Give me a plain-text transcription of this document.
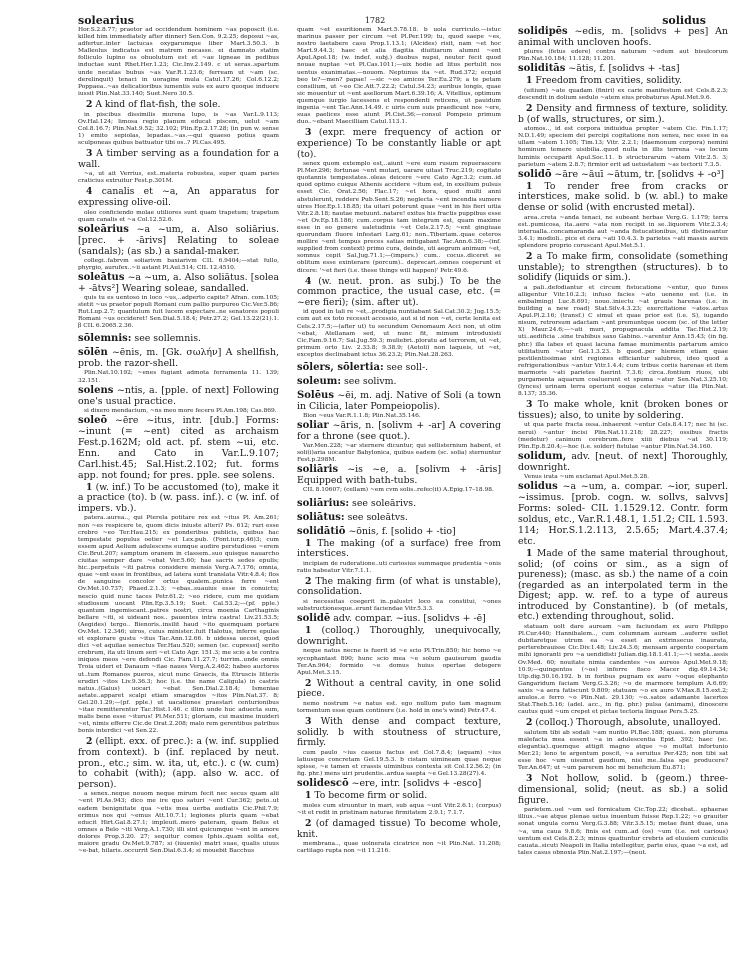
solearius	1782	solidus

Hor.S.2.8.77; praetor ad occidendum hominem ~as poposcit (i.e. killed him immediately after dinner) Sen.Con. 9.2.25; deposui ~as, adfertur..inter lactucas oxygarumque liber Mart.3.50.3. b Malleolus indicatus est matrem necasse. ei damnato statim folliculo lupino os obuolutum est et ~ae ligneae in pedibus inductae sunt Rhet.Her.1.23; Cic.Inv.2.149. c ut seras..spartum unde necatas bubus ~as Var.R.1.23.6; ferream ut ~am (sc. derelinquit) tenaci in uoragine mula Catul.17.26; Col.6.12.2; Poppaea..~as delicatioribus iumentis suis ex auro quoque induere iussit Plin.Nat.33.140; Suet.Nero 30.5.

2 A kind of flat-fish, the sole.

in piscibus dissimilis murena lupo, is ~as Var.L.9.113; Ov.Hal.124; limosa regio planum educat piscem, uelut ~am Col.8.16.7; Plin.Nat.9.52; 32.102; Plin.Ep.2.17.28; (in pun w. sense 1) emito sepiolas, lepadas..~as.—qui quaeso potius quam sculponeas quibus battuatur tibi os..? Pl.Cas.495.

3 A timber serving as a foundation for a wall.

~a, ut ait Verrius, est..materia robustea, super quam paries craticius extruitur Fest.p.301M.

4 canalis et ~a, An apparatus for expressing olive-oil.

oleo conficiendo molae utiliores sunt quam trapetum; trapetum quam canalis et ~a Col.12.52.6.

soleārius ~a ~um, a. Also soliārius. [prec. + -ārivs] Relating to soleae (sandals); (as sb.) a sandal-maker.

collegi..fabrvm soliarivm baxiarivm CIL 6.9404;—stat fullo, phyrgio, aurufex..~ii astant Pl.Aul.514; CIL 12.4510.

soleātus ~a ~um, a. Also soliātus. [solea + -ātvs²] Wearing soleae, sandalled.

quis tu es uentoso in loco ~us,..adperto capite? Afran. com.105; stetit ~us praetor populi Romani cum pallio purpureo Cic.Ver.5.86; Rut.Lup.2.7; quantulum fuit lucem expectare..ne senatores populi Romani ~us occideret! Sen.Dial.5.18.4; Petr.27.2; Gel.13.22(21).1. β CIL 6.2065.2.36.

sōlemnis: see sollemnis.

sōlēn ~ēnis, m. [Gk. σωλήν] A shellfish, prob. the razor-shell.

Plin.Nat.10.192; ~enes fugiant admota ferramenta 11. 139; 32.151.

solens ~ntis, a. [pple. of next] Following one's usual practice.

si dixero mendacium, ~ns meo more fecero Pl.Am.198; Cas.869.

soleō ~ēre ~itus, intr. [dub.] Forms: ~inunt (= ~ent) cited as archaism Fest.p.162M; old act. pf. stem ~ui, etc. Enn. and Cato in Var.L.9.107; Carl.hist.45; Sal.Hist.2.102; fut. forms app. not found; for pres. pple. see solens.

1 (w. inf.) To be accustomed (to), make it a practice (to). b (w. pass. inf.). c (w. inf. of impers. vb.).

patera..aurea.., qui Pterela potitare rex est ~itus Pl. Am.261; non ~es respicere te, quom dicis iniuste alteri? Ps. 612; ruri esse crebro ~eo Ter.Hau.215; ex ponderibus publicis, quibus hac tempestate populus oetier ~et Lex.pub. (Font.iur.p.46)3; cum essem apud Aelium adulescens eumque audire perstudiose ~erem Cic.Brut.207; samptum oranem in classem..suo quisque nauarcho ciuitas semper dare ~ebat Ver.5.60; hae sacris sedes epulis; hic..perpetuis ~iti patres considere mensis Verg.A.7.176; omnia, quae ~ent esse in frontibus, ad latera sunt translata Vitr.4.8.4; flos de sanguine concolor ortus qualem..punica ferre ~ent Ov.Met.10.737; Phaed.2.1.3; ~ebas..suauius esse in conuictu; nescio quid nunc taces Petr.61.2; ~eo ridere, cum me quidam studiosum uocant Plin.Ep.3.5.19; Suet. Cal.53.2;—(pf. pple.) quantum ingemiscant..patres nostri, circa moenia Carthaginis bellare ~iti, si uideant nos.. pauentes intra castra! Liv.21.53.5; (Aegides) tergo.. Bienoris..insilit haud ~ito quemquam portare Ov.Met. 12.346; uiros, cuius minister..fuit Halotus, inferre epulas et explorare gustu ~itus Tac.Ann.12.66. b uidessa uecost, quod dici ~et aquilae senectus Ter.Hau.520; semen (sc. cupressi] serito crebrum, ita uti linum seri ~et Cato Agr. 151.3; me scio a te contra iniquos meos ~ere defendi Cic. Fam.11.27.7; turrim..unde omnis Troia uideri et Danaum ~itae naues Verg.A.2.462; habeo auctores ut..tum Romanos pueros, sicut nunc Graecis, ita Etruscis litteris erudiri ~itos Liv.9.36.3; hoc (i.e. the name Caligula) in castris natus..(Gaius) uocari ~ebat Sen.Dial.2.18.4; Ismeniae aetate..apparet scalpi etiam smaragdos ~itos Plin.Nat.37. 8; Gel.20.1.29;—(pf. pple.) ut uacationes praestari centurionibus ~itae remitterentur Tac.Hist.1.46. c illim unde huc aduecta sum, malis bene esse ~iturus! Pl.Mer.511; gloriam, cui maxime inuideri ~et, nimis efferre Cic.de Orat.2.208; malo rem gerentibus patribus bonis interdici ~et Sen.22.

2 (ellipt. exx. of prec.): a (w. inf. supplied from context). b (inf. replaced by neut. pron., etc.; sim. w. ita, ut, etc.). c (w. cum) to cohabit (with); (app. also w. acc. of person).

a senex..neque nouom neque mirum fecit nec secus quam alii ~ent Pl.As.943; dico me ire quo saturi ~ent Cur.362; peto..ut eadem benignitate qua ~etis mea uerba audiatis Cic.Phil.7.9; erimus nos qui ~emus Att.10.7.1; legiones pluris quam ~ebat educit Hirt.Gal.8.27.1; impleuit..mero pateram, quam Belus et omnes a Belo ~iti Verg.A.1.730; illi sint quicumque ~ent in amore dolores Prop.3.20. 27; sequitur comes Iphis..quam solita est, maiore gradu Ov.Met.9.787; si (iuuenis) matri suae, qualis uiuus ~e-bat, hilaris..occurrit Sen.Dial.6.3.4; si mouebit Bacchus

quam ~et esuritionem Mart.5.78.18. b uola curriculo.—istuc marinus passer per circum ~et Pl.Per.199; tu, quod saepe ~es, nostro laetabere casu Prop.1.13.1; (Alcides) risit, nam ~et hoc Mart.9.44.3; haec et alia flagitia diuitiarum alumni ~ent Apul.Apol.18; (w. indef. subj.) duobus nupsi, neuter fecit quod nouae nuptae ~et Pl.Cas.1011;—uix hodie ad litus pertulit nos uentus exanimatas.—nouom. Neptunus ita ~et. Rud.372; ecquid beo te?—men? papae! —sic ~eo amicos Ter.Eu.279; a te petam consilium, ut ~eo Cic.Att.7.22.2; Catul.34.23; auribus longis, quae sic mouentur ut ~ent asellorum Mart.6.39.16; A. Vitellius, optimum quemque iurgio lacessens et respondenti reticens, ut pauidum ingenia ~ent Tac.Ann.14.49. c uiris cum suis praedicunt nos ~ere, suas paelices esse aiunt Pl.Cist.36;—consul Pompeio primum duo..~ebant Maecilliam Catul.113.1.

3 (expr. mere frequency of action or experience) To be constantly liable or apt (to).

senex quom extemplo est,..aiunt ~ere eum rusum repuerascere Pl.Mer.296; fortunae ~ent mutari, uarare uitast Truc.219; cogitato quotannis tempestates..oleas deicere ~ere Cato Agr.3.2; cum..id quod optimo cuique Athenis accidere ~itum est, in exsilium pulsus esset Cic. Orat.2.56; Flac.17; ~et hora, quod multi anni abstulerunt, reddere Pub.Sent.S.26; neglecta ~ent incendia sumere uires Hor.Ep.1.18.85; ita uitari poterunt quae ~ent in his fieri uitia Vitr.2.8.18; nautae metuunt..natare! exitus his fractis puppibus esse ~et Ov.Ep.18.186; cum..corpus tam integrum est, quam maxime esse in eo genere ualetudinis ~et Cels.2.17.5; ~ent gingiuae quorundam fluore infestari Larg.61; non..Tiberiam..quae ceteros mollire ~ent tempus preces satias mitigabant Tac.Ann.6.38;—(inf. supplied from context) primo cura, deinde, uti aegrum animum ~et, somnus cepit Sal.Jug.71.1;—(impers.) cum.. cocus..diceret se oblitum esse exinterare (porcum).. deprecari..omnes coeperunt et dicere: '~et fieri (i.e. these things will happen)' Petr.49.6.

4 (w. neut. pron. as subj.) To be the common practice, the usual case, etc. (= ~ere fieri); (sim. after ut).

id quod in tali re ~et,..prodigia nuntiabant Sal.Cat.30.2; Jug.15.5; cum aut ex toto recessit accessio, aut si id non ~et, certe lenita est Cels.2.17.5;—(after ut) tu secundum Oenomaum Acci non, ut olim ~ebat, Atellanam sed, ut nunc fit, mimum introduxisti Cic.Fam.9.16.7; Sal.Jug.59.3; muliebri..ploratu ad terrorem, ut ~et, primum orto Liv. 2.33.8; 9.38.9; (Aetoli) non laqueis, ut ~et, exceptos declinabant ictus 36.23.2; Plin.Nat.28.263.

sōlers, sōlertia: see soll-.

soleum: see solivm.

Solēus ~ēi, m. adj. Native of Soli (a town in Cilicia, later Pompeiopolis).

Bion ~eus Var.R.1.1.8; Plin.Nat.35.146.

soliar ~āris, n. [solivm + -ar] A covering for a throne (see quot.).

Var.Men.228; ~ar sternere dicuntur, qui sellisternium habent, et soli(i)aria uocantur Babylonica, quibus eadem (sc. solia) sternuntur Fest.p.298M.

soliāris ~is ~e, a. [solivm + -āris] Equipped with bath-tubs.

CIL 8.10607; (cellam) ~em cvm solis..refec(it) A.Epig.17–18.98.

soliārius: see soleārivs.

soliātus: see soleātvs.

solidātiō ~ōnis, f. [solido + -tio]

1 The making (of a surface) free from interstices.

incipiam de ruderatione..uti curiosius summaque prudentia ~onis ratio habeatur Vitr.7.1.1.

2 The making firm (of what is unstable), consolidation.

si necessitas coegerit in..palustri loco ea constitui, ~ones substructionesque..erunt faciendae Vitr.5.3.3.

solidē adv. compar. ~ius. [solidvs + -ē]

1 (colloq.) Thoroughly, unequivocally, downright.

neque natus necne is fuerit id ~e scio Pl.Trin.850; hic homo ~e sycophantast 890; hunc scio mea ~e solum gauisurum gaudia Ter.An.964; formido ~e domus huius opertae detegere Apul.Met.3.15.

2 Without a central cavity, in one solid piece.

nemo nostrum ~e natus est. ego nullum puto tam magnum tormentum esse quam continere (i.e. hold in one's wind) Petr.47.4.

3 With dense and compact texture, solidly. b with stoutness of structure, firmly.

cum paulo ~ius caseus factus est Col.7.8.4; (aquam) ~ius latiusque concretam Gel.19.5.3. b cistam uimineam quae neque spisse, ~e tamen et crassis uiminibus contexta sit Col.12.56.2; (in fig. phr.) mens uiri prudentis..ardua saepta ~e Gel.13.28(27).4.

solidescō ~ere, intr. [solidvs + -esco]

1 To become firm or solid.

moles cum struuntur in mari, sub aqua ~unt Vitr.2.6.1; (corpus) ~it et redit in pristinam naturae firmitatem 2.9.1; 7.1.7.

2 (of damaged tissue) To become whole, knit.

membrana.., quae uolnerata cicatrice non ~it Plin.Nat. 11.208; cartilago rupta non ~it 11.216.

solidipēs ~edis, m. [solidvs + pes] An animal with uncloven hoofs.

plures (fetus edere) contra naturam ~edum aut bisulcorum Plin.Nat.10.184; 11.128; 11.201.

soliditās ~ātis, f. [solidvs + -tas]

1 Freedom from cavities, solidity.

(uitium) ~ate quadam (finiri) ex carie manifestum est Cels.8.2.3; descendit in dolium sedulo ~atem eius probaturus Apul.Met.9.6.

2 Density and firmness of texture, solidity. b (of walls, structures, or sim.).

atomos.., id est corpora indiuidua propter ~atem Cic. Fin.1.17; N.D.1.49; speciem dei percipi cogitatione non sensu, nec esse in ea ullam ~atem 1.105; Tim.13; Vitr. 2.2.1; (daemonum corpora) nemini hominum temere uisibilia..quod nulla in illis terrena ~as locum luminis occuparit Apul.Soc.11. b structurarum ~atem Vitr.2.5. 3; parietum ~atem 2.8.7; firmior erit ad uetustatem ~as tectorii 7.3.5.

solidō ~āre ~āuī ~ātum, tr. [solidvs + -o³]

1 To render free from cracks or interstices, make solid. b (w. abl.) to make dense or solid (with encrusted metal).

area..creta ~anda tenaci, ne subeant herbae Verg.G. 1.179; terra est..pumicosa, ita..aere ~ata non recipit in se..liquorem Vitr.2.3.4; interualla..concamaranda aut ~anda fistucationibus, uti distineantur 3.4.1; modioli.. pice et cera ~ati 10.4.3. b parietes ~ati massis aureis splendore proprio coruscant Apul.Met.5.1.

2 a To make firm, consolidate (something unstable); to strengthen (structures). b to solidify (liquids or sim.).

a pali..defodiantur et circum fistucatione ~entur, quo funes alligentur Vitr.10.2.3; infuso facies ~ato ueneno est (i.e. in embalming) Luc.8.691; nouo..iniectu ~at grauis harenas (i.e. in building a new road) Stat.Silv.4.3.23; exercitatione ~atos..artus Apul.Pl.2.16; (transf.) C simul et quae prior est (i.e. S), iugando nisum, retrorsum adactam ~ant premuntque uocem (sc. of the letter X) Maur.24.6;—~ati muri, propugnacula addita Tac.Hist.2.19; uti..aedificia ..sine trabibus saxo Gabino..~arentur Ann.15.43; (in fig. phr.) illa labes et quasi lacuna famae munimentis partarum amico utilitatium ~atur Gel.1.3.23. b quod..per hiemem etiam quae pestilentissimae sint regiones efficiantur salubres, ideo quod a refrigerationibus ~antur Vitr.1.4.4; cum tribus coriis harenae et item marmoris ~ati parietes fuerint 7.3.6; circa..fontium riuos, ubi purgamenta aquarum coaluerunt et spuma ~atur Sen.Nat.3.25.10; (lynces) urinam terra operiunt eoque celerius ~atur illa Plin.Nat. 8.137; 35.36.

3 To make whole, knit (broken bones or tissues); also, to unite by soldering.

ut qua parte fracta ossa..inhaerent ~entur Cels.8.4.17; nec hi (sc. nerui) ~antur incisi Plin.Nat.11.218; 28.227; ossibus fractis (medetur) caninum cerebrum..fere xiiii diebus ~at 30.119; Plin.Ep.8.20.4;—hoc (i.e. solder) fistulae ~antur Plin.Nat.34.160.

solidum, adv. [neut. of next] Thoroughly, downright.

Venus irata ~um exclamat Apul.Met.5.28.

solidus ~a ~um, a. compar. ~ior, superl. ~issimus. [prob. cogn. w. sollvs, salvvs] Forms: soled- CIL 1.1529.12. Contr. form soldus, etc., Var.R.1.48.1, 1.51.2; CIL 1.593. 114; Hor.S.1.2.113, 2.5.65; Mart.4.37.4; etc.

1 Made of the same material throughout, solid; (of coins or sim., as a sign of pureness); (masc. as sb.) the name of a coin (regarded as an interpolated term in the Digest; app. w. ref. to a type of aureus introduced by Constantine). b (of metals, etc.) extending throughout, solid.

statuam uolt dare auream ~am faciundam ex auro Philippo Pl.Cur.440; Hannibalem.., cum columnam auream ..auferre uellet dubitaretque utrum ea ~a esset an extrinsecus inaurata, perterebrauisse Cic.Div.1.48; Liv.24.3.6; mensam argento coopertam mihi ignoranti pro ~a uendidisti Julian.dig.18.1.41.1;—~i sexta..assis Ov.Med. 60; nouitate nimia candentes ~os aureos Apul.Met.9.18; 10.9;—quingentos (~os) inferre fisco Macer dig.49.14.34; Ulp.dig.50.16.192. b in foribus pugnam ex auro ~oque elephanto Gangaridum faciam Verg.G.3.26; ~o de marmore templum A.6.69; saxis ~a aera fatiscunt 9.809; statuam ~o ex auro V.Max.8.15.ext.2; anulos..e ferro ~o Plin.Nat. 29.130; ~o..satos adamante lacertos Stat.Theb.5.16; (adel. acc., in fig. phr.) pulsa (animam), dinoscere cautus quid ~um crepet et pictae tectoria linguae Pers.5.25.

2 (colloq.) Thorough, absolute, unalloyed.

salutem tibi ab sodali ~am nuntio Pl.Bac.188; quasi.. non pluruma malefacta mea essent ~a in adulescentia Epid. 392; haec (sc. elegantia)..quemque attigit magno atque ~o multat infortunio Mer.21; leno te argentum poscit, ~a seruitus Per.425; non tibi sat esse hoc ~um uisumst gaudium, nisi me..falsa spe producere? Ter.An.647; ut ~um parerem hoc mi beneficium Eu.871;

3 Not hollow, solid. b (geom.) three-dimensional, solid; (neut. as sb.) a solid figure.

parietem..uel ~um uel fornicatum Cic.Top.22; dicebat.. sphaerae illius..~ae atque plenae uetus inuentum fuisse Rep.1.22; ~o grauiter sonat ungula cornu Verg.G.3.88; Vitr.3.5.15; metae fiunt duae, una ~a, una caua 9.8.6; finis est cum..ad (os) ~um (i.e. not carious) uentum est Cels.8.2.3; minus quatiuntur crebris ad eluuiem cuniculis cauata..sicuti Neapoli in Italia intellegitur, parte eius, quae ~a est, ad tales casus obnoxia Plin.Nat.2.197;—(neut.
